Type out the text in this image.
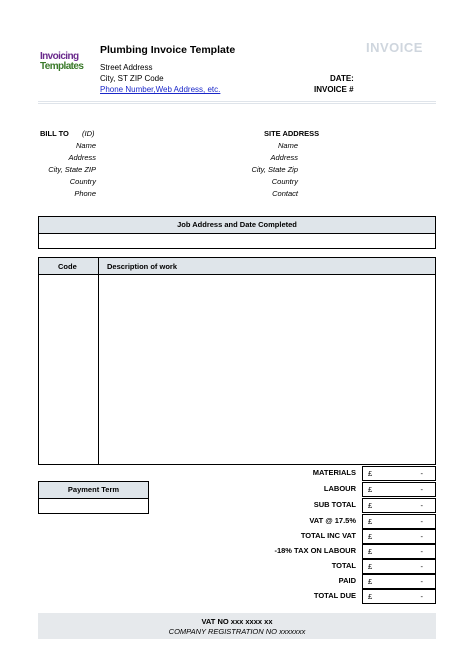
Invoicing
Templates
Plumbing Invoice Template	INVOICE
Street Address
City, ST ZIP Code
Phone Number,Web Address, etc.
DATE:
INVOICE #
BILL TO (ID)
Name
Address
City, State ZIP
Country
Phone
SITE ADDRESS
Name
Address
City, State Zip
Country
Contact
Job Address and Date Completed
Code	Description of work
Payment Term
MATERIALS £	-
LABOUR £	-
SUB TOTAL £	-
VAT @ 17.5% £	-
TOTAL INC VAT £	-
-18% TAX ON LABOUR £	-
TOTAL £	-
PAID £	-
TOTAL DUE £	-
VAT NO xxx xxxx xx
COMPANY REGISTRATION NO xxxxxxx
